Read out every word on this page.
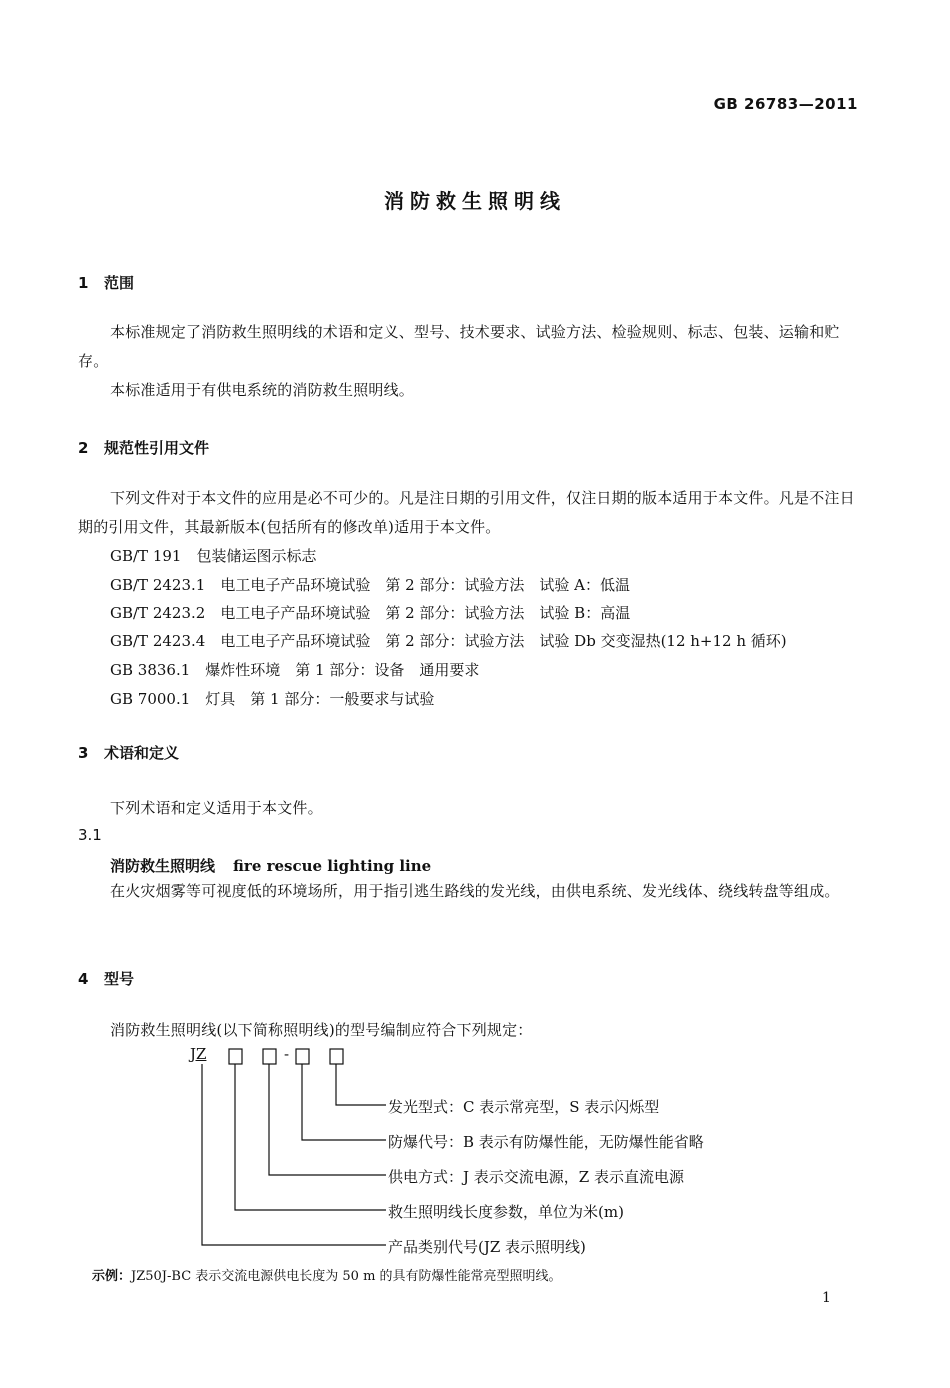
GB 26783—2011
消防救生照明线
1 范围
本标准规定了消防救生照明线的术语和定义、型号、技术要求、试验方法、检验规则、标志、包装、运输和贮存。
本标准适用于有供电系统的消防救生照明线。
2 规范性引用文件
下列文件对于本文件的应用是必不可少的。凡是注日期的引用文件，仅注日期的版本适用于本文件。凡是不注日期的引用文件，其最新版本(包括所有的修改单)适用于本文件。
GB/T 191　包装储运图示标志
GB/T 2423.1　电工电子产品环境试验　第 2 部分：试验方法　试验 A：低温
GB/T 2423.2　电工电子产品环境试验　第 2 部分：试验方法　试验 B：高温
GB/T 2423.4　电工电子产品环境试验　第 2 部分：试验方法　试验 Db 交变湿热(12 h+12 h 循环)
GB 3836.1　爆炸性环境　第 1 部分：设备　通用要求
GB 7000.1　灯具　第 1 部分：一般要求与试验
3 术语和定义
下列术语和定义适用于本文件。
3.1
消防救生照明线 fire rescue lighting line
在火灾烟雾等可视度低的环境场所，用于指引逃生路线的发光线，由供电系统、发光线体、绕线转盘等组成。
4 型号
消防救生照明线(以下简称照明线)的型号编制应符合下列规定：
JZ	-
发光型式：C 表示常亮型，S 表示闪烁型
防爆代号：B 表示有防爆性能，无防爆性能省略
供电方式：J 表示交流电源，Z 表示直流电源
救生照明线长度参数，单位为米(m)
产品类别代号(JZ 表示照明线)
示例：JZ50J-BC 表示交流电源供电长度为 50 m 的具有防爆性能常亮型照明线。
1
